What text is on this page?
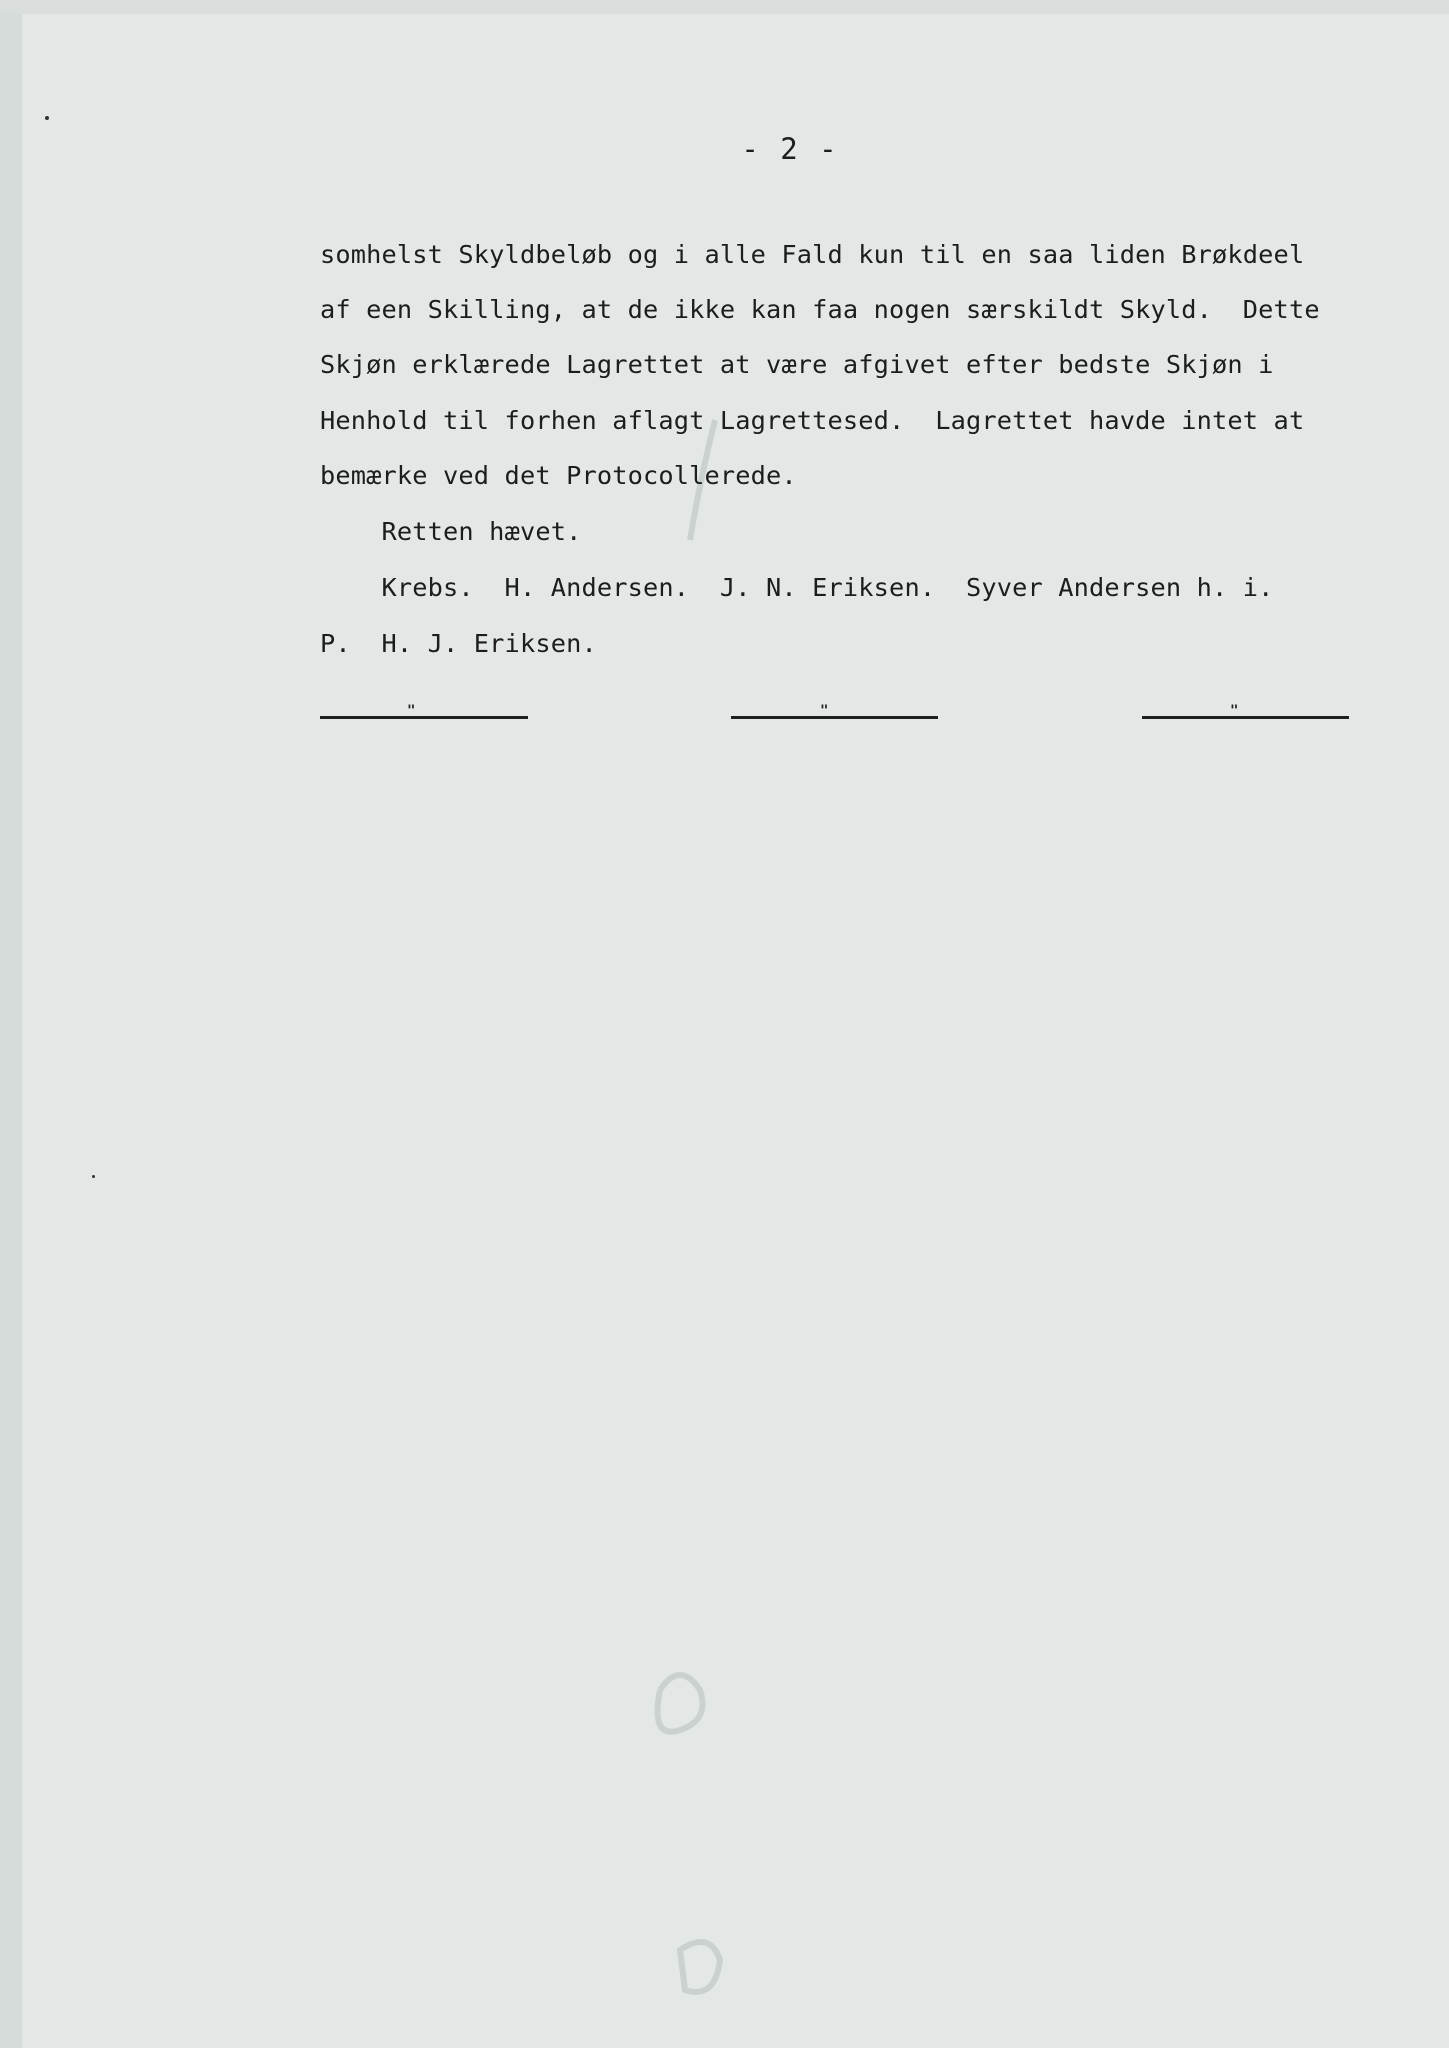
- 2 -
somhelst Skyldbeløb og i alle Fald kun til en saa liden Brøkdeel
af een Skilling, at de ikke kan faa nogen særskildt Skyld.  Dette
Skjøn erklærede Lagrettet at være afgivet efter bedste Skjøn i
Henhold til forhen aflagt Lagrettesed.  Lagrettet havde intet at
bemærke ved det Protocollerede.
Retten hævet.
Krebs.  H. Andersen.  J. N. Eriksen.  Syver Andersen h. i.
P.  H. J. Eriksen.
"	"	"
